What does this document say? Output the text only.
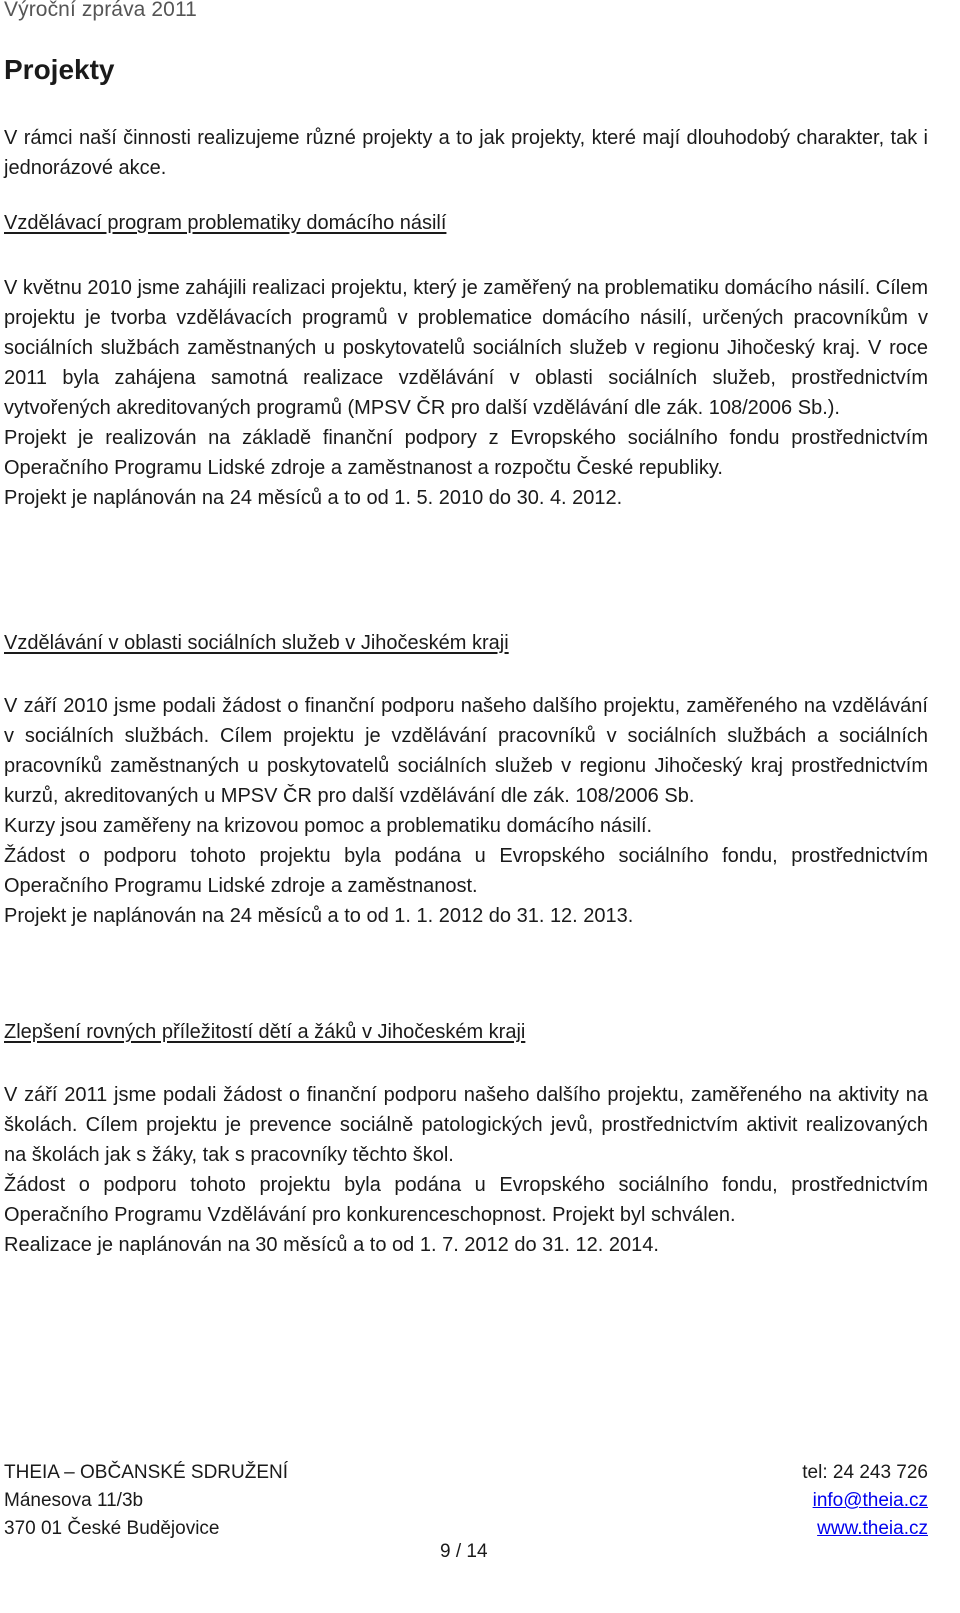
Výroční zpráva 2011
Projekty

V rámci naší činnosti realizujeme různé projekty a to jak projekty, které mají dlouhodobý charakter, tak i jednorázové akce.

Vzdělávací program problematiky domácího násilí

V květnu 2010 jsme zahájili realizaci projektu, který je zaměřený na problematiku domácího násilí. Cílem projektu je tvorba vzdělávacích programů v problematice domácího násilí, určených pracovníkům v sociálních službách zaměstnaných u poskytovatelů sociálních služeb v regionu Jihočeský kraj. V roce 2011 byla zahájena samotná realizace vzdělávání v oblasti sociálních služeb, prostřednictvím vytvořených akreditovaných programů (MPSV ČR pro další vzdělávání dle zák. 108/2006 Sb.).

Projekt je realizován na základě finanční podpory z Evropského sociálního fondu prostřednictvím Operačního Programu Lidské zdroje a zaměstnanost a rozpočtu České republiky.

Projekt je naplánován na 24 měsíců a to od 1. 5. 2010 do 30. 4. 2012.

Vzdělávání v oblasti sociálních služeb v Jihočeském kraji

V září 2010 jsme podali žádost o finanční podporu našeho dalšího projektu, zaměřeného na vzdělávání v sociálních službách. Cílem projektu je vzdělávání pracovníků v sociálních službách a sociálních pracovníků zaměstnaných u poskytovatelů sociálních služeb v regionu Jihočeský kraj prostřednictvím kurzů, akreditovaných u MPSV ČR pro další vzdělávání dle zák. 108/2006 Sb.

Kurzy jsou zaměřeny na krizovou pomoc a problematiku domácího násilí.

Žádost o podporu tohoto projektu byla podána u Evropského sociálního fondu, prostřednictvím Operačního Programu Lidské zdroje a zaměstnanost.

Projekt je naplánován na 24 měsíců a to od 1. 1. 2012 do 31. 12. 2013.

Zlepšení rovných příležitostí dětí a žáků v Jihočeském kraji

V září 2011 jsme podali žádost o finanční podporu našeho dalšího projektu, zaměřeného na aktivity na školách. Cílem projektu je prevence sociálně patologických jevů, prostřednictvím aktivit realizovaných na školách jak s žáky, tak s pracovníky těchto škol.

Žádost o podporu tohoto projektu byla podána u Evropského sociálního fondu, prostřednictvím Operačního Programu Vzdělávání pro konkurenceschopnost. Projekt byl schválen.

Realizace je naplánován na 30 měsíců a to od 1. 7. 2012 do 31. 12. 2014.

THEIA – OBČANSKÉ SDRUŽENÍ
Mánesova 11/3b
370 01 České Budějovice
tel: 24 243 726
info@theia.cz
www.theia.cz
9 / 14
